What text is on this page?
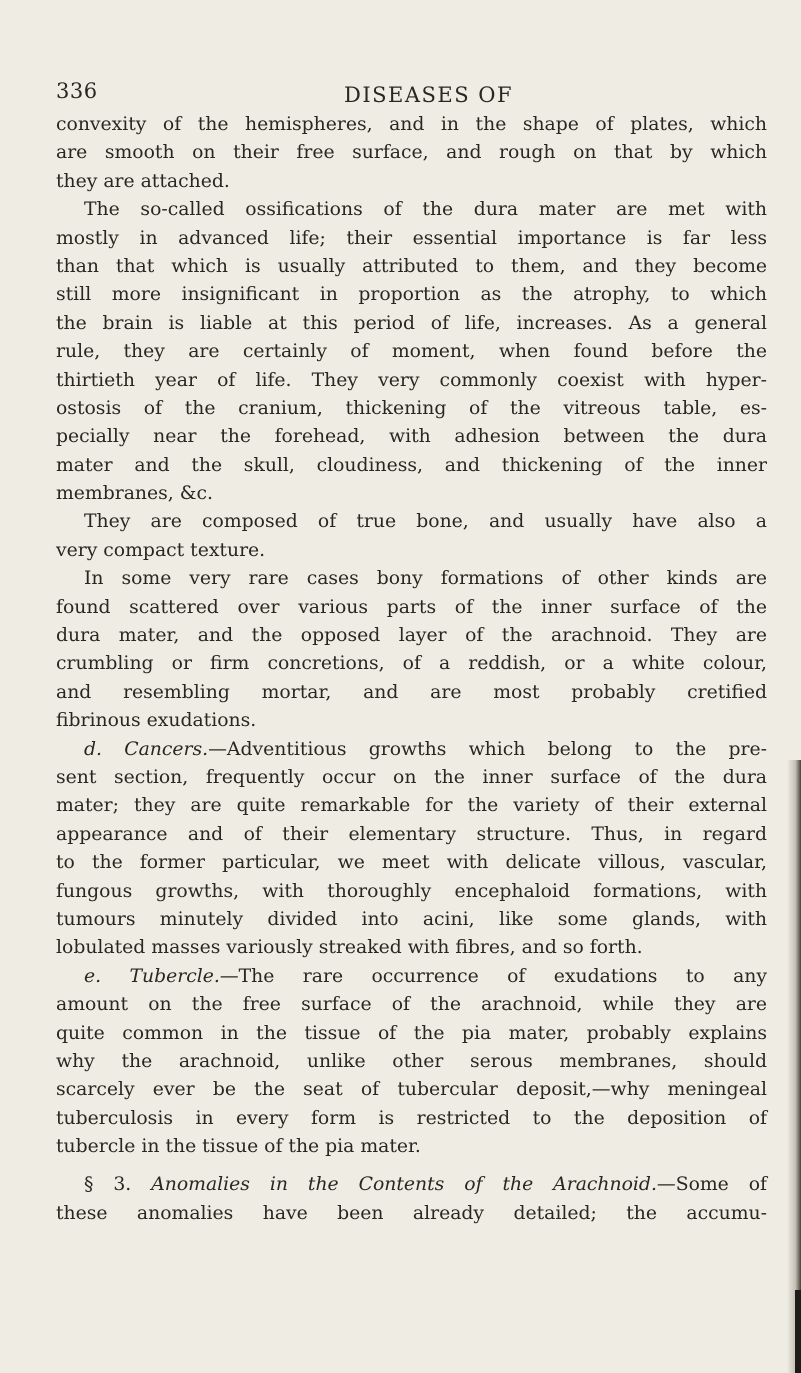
336	DISEASES OF
convexity of the hemispheres, and in the shape of plates, which
are smooth on their free surface, and rough on that by which
they are attached.
The so-called ossifications of the dura mater are met with
mostly in advanced life; their essential importance is far less
than that which is usually attributed to them, and they become
still more insignificant in proportion as the atrophy, to which
the brain is liable at this period of life, increases. As a general
rule, they are certainly of moment, when found before the
thirtieth year of life. They very commonly coexist with hyper-
ostosis of the cranium, thickening of the vitreous table, es-
pecially near the forehead, with adhesion between the dura
mater and the skull, cloudiness, and thickening of the inner
membranes, &c.
They are composed of true bone, and usually have also a
very compact texture.
In some very rare cases bony formations of other kinds are
found scattered over various parts of the inner surface of the
dura mater, and the opposed layer of the arachnoid. They are
crumbling or firm concretions, of a reddish, or a white colour,
and resembling mortar, and are most probably cretified
fibrinous exudations.
d. Cancers.—Adventitious growths which belong to the pre-
sent section, frequently occur on the inner surface of the dura
mater; they are quite remarkable for the variety of their external
appearance and of their elementary structure. Thus, in regard
to the former particular, we meet with delicate villous, vascular,
fungous growths, with thoroughly encephaloid formations, with
tumours minutely divided into acini, like some glands, with
lobulated masses variously streaked with fibres, and so forth.
e. Tubercle.—The rare occurrence of exudations to any
amount on the free surface of the arachnoid, while they are
quite common in the tissue of the pia mater, probably explains
why the arachnoid, unlike other serous membranes, should
scarcely ever be the seat of tubercular deposit,—why meningeal
tuberculosis in every form is restricted to the deposition of
tubercle in the tissue of the pia mater.
§ 3. Anomalies in the Contents of the Arachnoid.—Some of
these anomalies have been already detailed; the accumu-
